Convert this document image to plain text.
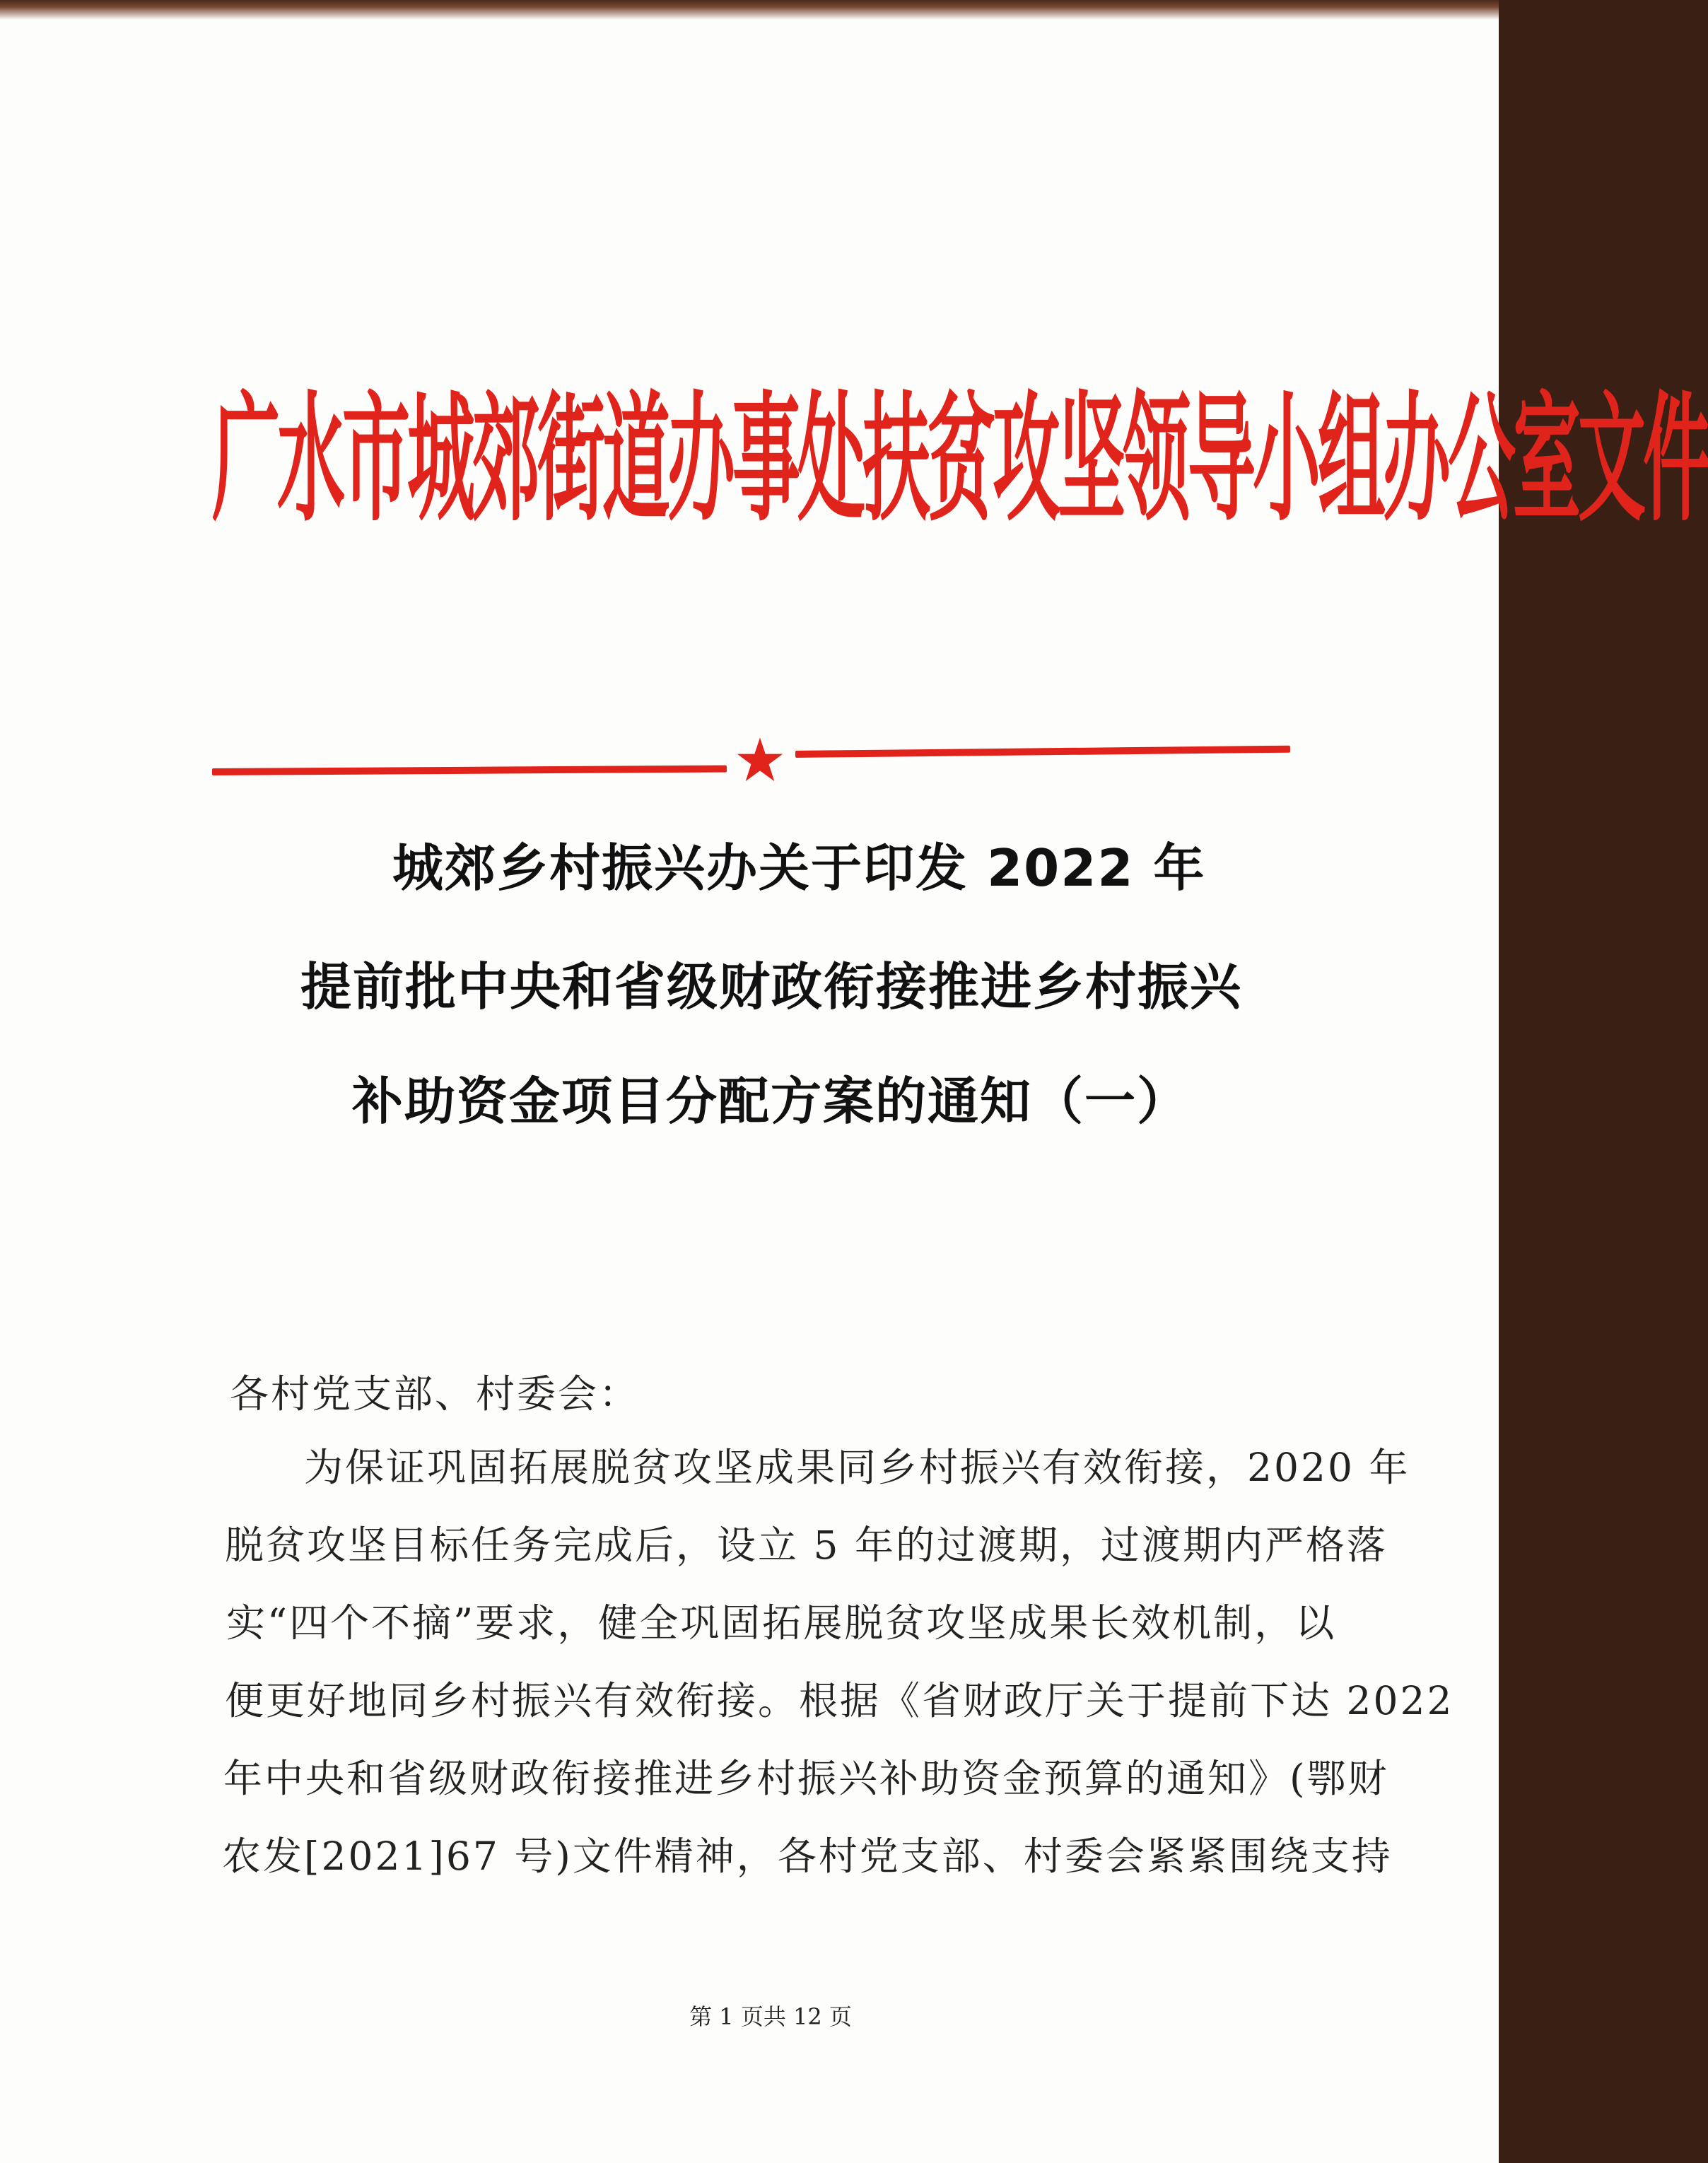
广水市城郊街道办事处扶贫攻坚领导小组办公室文件
城郊乡村振兴办关于印发 2022 年
提前批中央和省级财政衔接推进乡村振兴
补助资金项目分配方案的通知（一）
各村党支部、村委会：
为保证巩固拓展脱贫攻坚成果同乡村振兴有效衔接，2020 年
脱贫攻坚目标任务完成后，设立 5 年的过渡期，过渡期内严格落
实“四个不摘”要求，健全巩固拓展脱贫攻坚成果长效机制，以
便更好地同乡村振兴有效衔接。根据《省财政厅关于提前下达 2022
年中央和省级财政衔接推进乡村振兴补助资金预算的通知》(鄂财
农发[2021]67 号)文件精神，各村党支部、村委会紧紧围绕支持
第 1 页共 12 页
